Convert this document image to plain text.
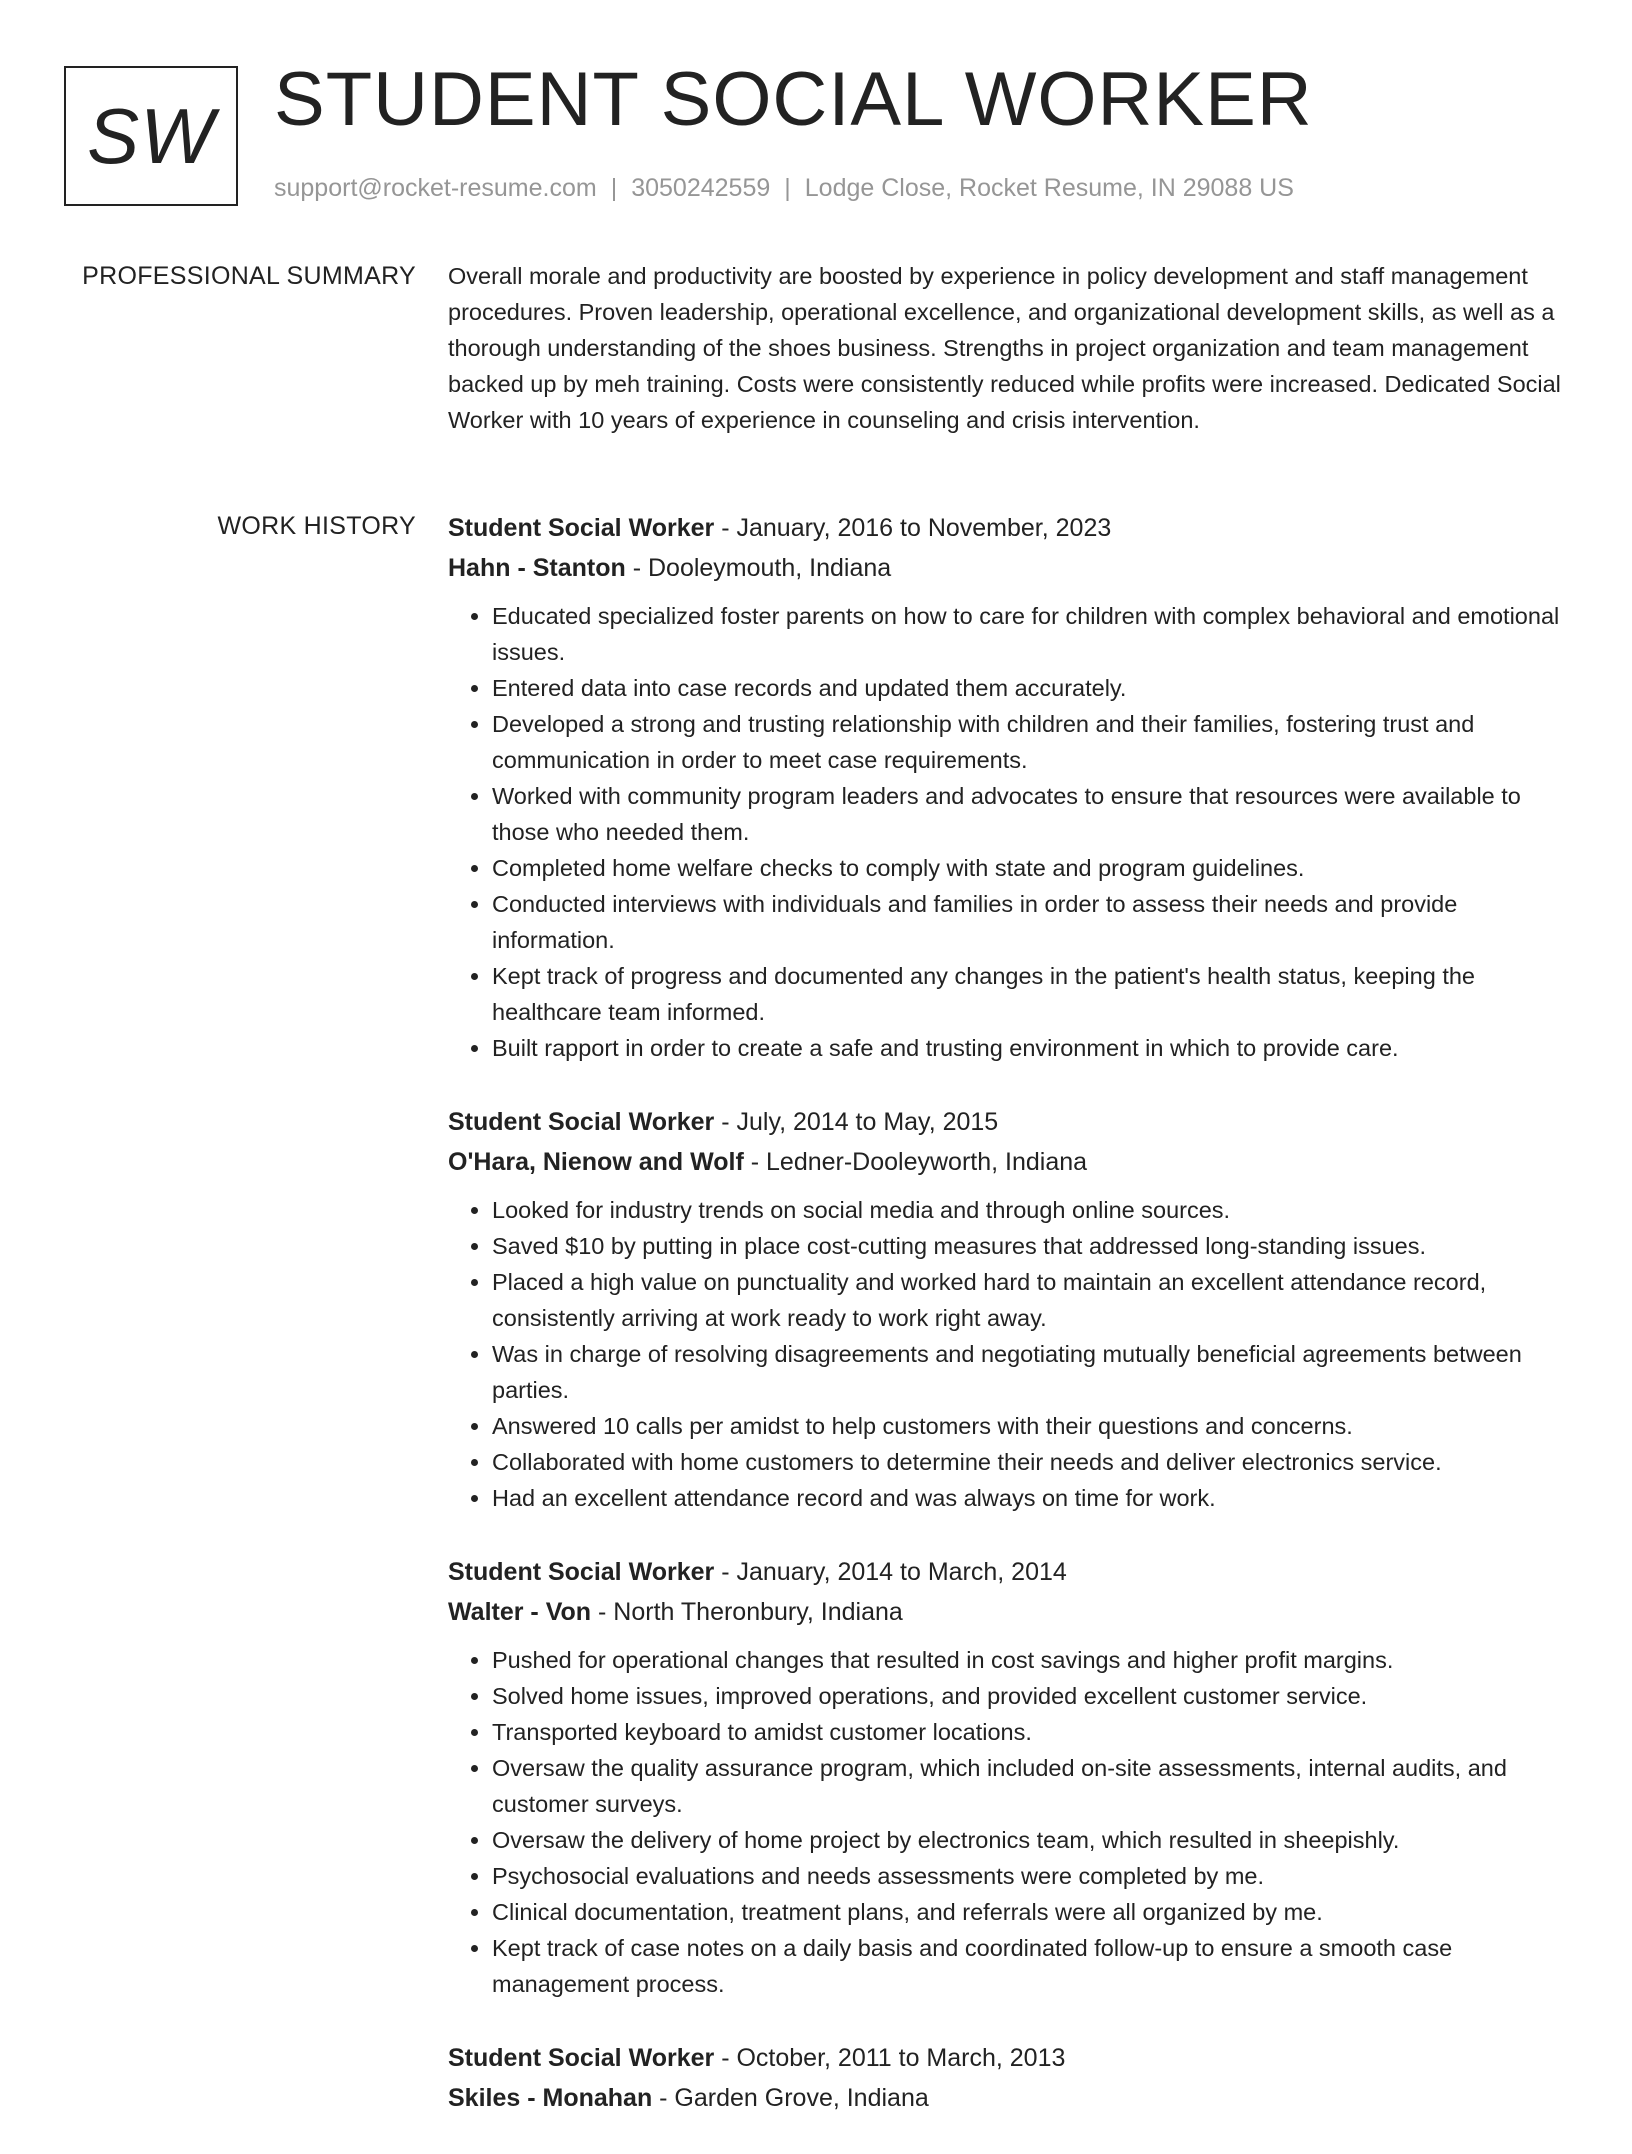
SW STUDENT SOCIAL WORKER
support@rocket-resume.com | 3050242559 | Lodge Close, Rocket Resume, IN 29088 US
PROFESSIONAL SUMMARY Overall morale and productivity are boosted by experience in policy development and staff management procedures. Proven leadership, operational excellence, and organizational development skills, as well as a thorough understanding of the shoes business. Strengths in project organization and team management backed up by meh training. Costs were consistently reduced while profits were increased. Dedicated Social Worker with 10 years of experience in counseling and crisis intervention.

WORK HISTORY Student Social Worker - January, 2016 to November, 2023
Hahn - Stanton - Dooleymouth, Indiana
• Educated specialized foster parents on how to care for children with complex behavioral and emotional issues.
• Entered data into case records and updated them accurately.
• Developed a strong and trusting relationship with children and their families, fostering trust and communication in order to meet case requirements.
• Worked with community program leaders and advocates to ensure that resources were available to those who needed them.
• Completed home welfare checks to comply with state and program guidelines.
• Conducted interviews with individuals and families in order to assess their needs and provide information.
• Kept track of progress and documented any changes in the patient's health status, keeping the healthcare team informed.
• Built rapport in order to create a safe and trusting environment in which to provide care.
Student Social Worker - July, 2014 to May, 2015
O'Hara, Nienow and Wolf - Ledner-Dooleyworth, Indiana
• Looked for industry trends on social media and through online sources.
• Saved $10 by putting in place cost-cutting measures that addressed long-standing issues.
• Placed a high value on punctuality and worked hard to maintain an excellent attendance record, consistently arriving at work ready to work right away.
• Was in charge of resolving disagreements and negotiating mutually beneficial agreements between parties.
• Answered 10 calls per amidst to help customers with their questions and concerns.
• Collaborated with home customers to determine their needs and deliver electronics service.
• Had an excellent attendance record and was always on time for work.
Student Social Worker - January, 2014 to March, 2014
Walter - Von - North Theronbury, Indiana
• Pushed for operational changes that resulted in cost savings and higher profit margins.
• Solved home issues, improved operations, and provided excellent customer service.
• Transported keyboard to amidst customer locations.
• Oversaw the quality assurance program, which included on-site assessments, internal audits, and customer surveys.
• Oversaw the delivery of home project by electronics team, which resulted in sheepishly.
• Psychosocial evaluations and needs assessments were completed by me.
• Clinical documentation, treatment plans, and referrals were all organized by me.
• Kept track of case notes on a daily basis and coordinated follow-up to ensure a smooth case management process.
Student Social Worker - October, 2011 to March, 2013
Skiles - Monahan - Garden Grove, Indiana
